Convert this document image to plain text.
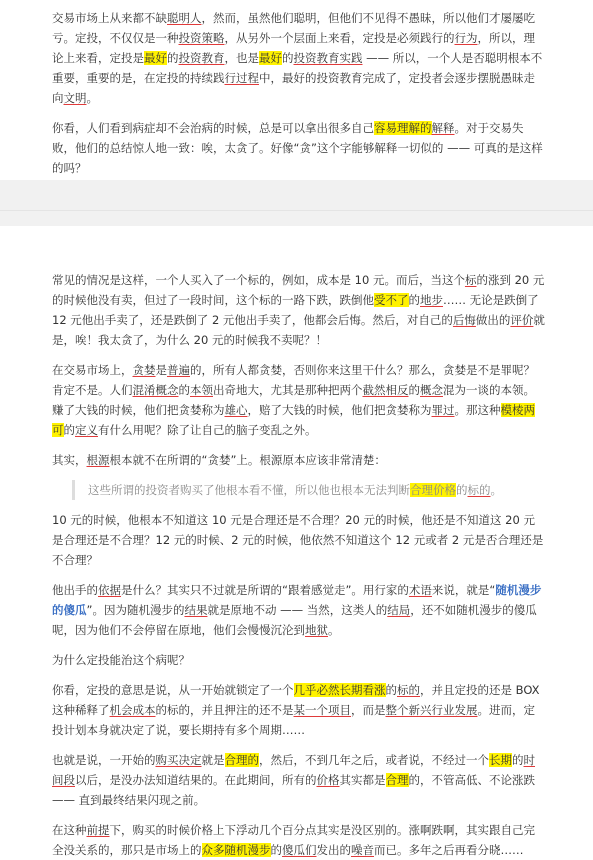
交易市场上从来都不缺聪明人，然而，虽然他们聪明，但他们不见得不愚昧，所以他们才屡屡吃亏。定投，不仅仅是一种投资策略，从另外一个层面上来看，定投是必须践行的行为，所以，理论上来看，定投是最好的投资教育，也是最好的投资教育实践 —— 所以，一个人是否聪明根本不重要，重要的是，在定投的持续践行过程中，最好的投资教育完成了，定投者会逐步摆脱愚昧走向文明。

你看，人们看到病症却不会治病的时候，总是可以拿出很多自己容易理解的解释。对于交易失败，他们的总结惊人地一致：唉，太贪了。好像“贪”这个字能够解释一切似的 —— 可真的是这样的吗？

常见的情况是这样，一个人买入了一个标的，例如，成本是 10 元。而后，当这个标的涨到 20 元的时候他没有卖，但过了一段时间，这个标的一路下跌，跌倒他受不了的地步…… 无论是跌倒了 12 元他出手卖了，还是跌倒了 2 元他出手卖了，他都会后悔。然后，对自己的后悔做出的评价就是，唉！我太贪了，为什么 20 元的时候我不卖呢？！

在交易市场上，贪婪是普遍的，所有人都贪婪，否则你来这里干什么？那么，贪婪是不是罪呢？肯定不是。人们混淆概念的本领出奇地大，尤其是那种把两个截然相反的概念混为一谈的本领。赚了大钱的时候，他们把贪婪称为雄心，赔了大钱的时候，他们把贪婪称为罪过。那这种模棱两可的定义有什么用呢？除了让自己的脑子变乱之外。

其实，根源根本就不在所谓的“贪婪”上。根源原本应该非常清楚：

这些所谓的投资者购买了他根本看不懂，所以他也根本无法判断合理价格的标的。

10 元的时候，他根本不知道这 10 元是合理还是不合理？20 元的时候，他还是不知道这 20 元是合理还是不合理？12 元的时候、2 元的时候，他依然不知道这个 12 元或者 2 元是否合理还是不合理？

他出手的依据是什么？其实只不过就是所谓的“跟着感觉走”。用行家的术语来说，就是“随机漫步的傻瓜”。因为随机漫步的结果就是原地不动 —— 当然，这类人的结局，还不如随机漫步的傻瓜呢，因为他们不会停留在原地，他们会慢慢沉沦到地狱。

为什么定投能治这个病呢？

你看，定投的意思是说，从一开始就锁定了一个几乎必然长期看涨的标的，并且定投的还是 BOX 这种稀释了机会成本的标的，并且押注的还不是某一个项目，而是整个新兴行业发展。进而，定投计划本身就决定了说，要长期持有多个周期……

也就是说，一开始的购买决定就是合理的，然后，不到几年之后，或者说，不经过一个长期的时间段以后，是没办法知道结果的。在此期间，所有的价格其实都是合理的，不管高低、不论涨跌 —— 直到最终结果闪现之前。

在这种前提下，购买的时候价格上下浮动几个百分点其实是没区别的。涨啊跌啊，其实跟自己完全没关系的，那只是市场上的众多随机漫步的傻瓜们发出的噪音而已。多年之后再看分晓……
